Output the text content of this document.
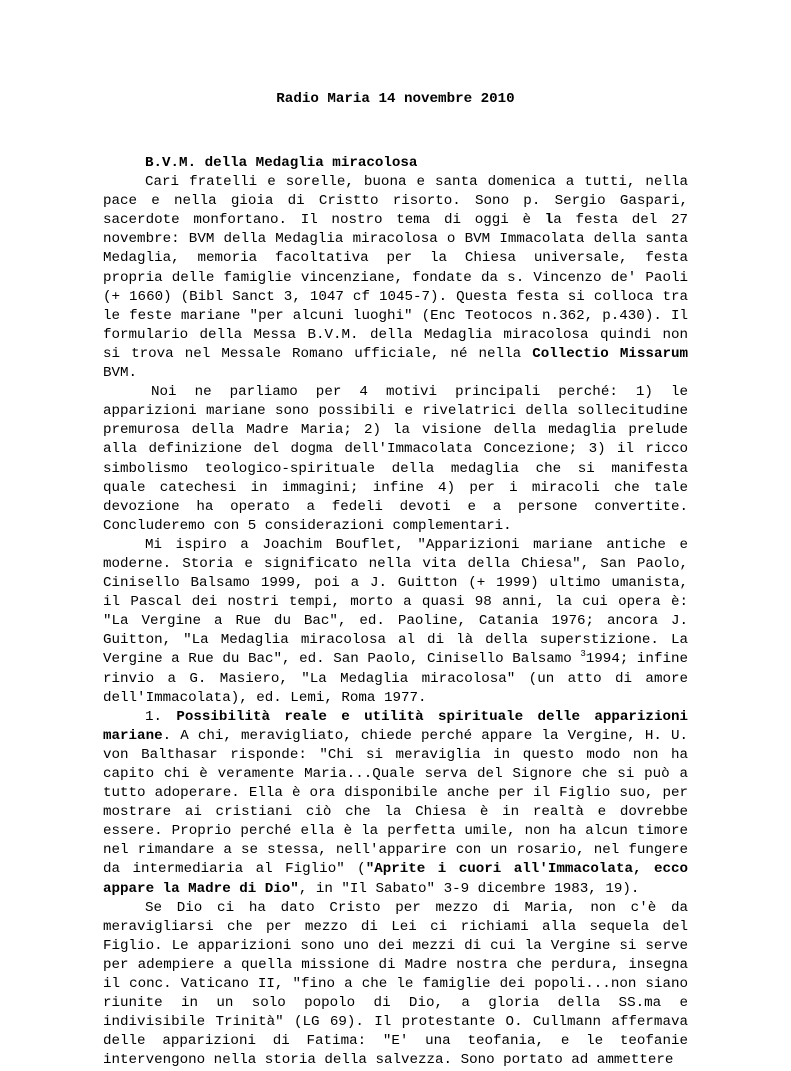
Radio Maria 14 novembre 2010

B.V.M. della Medaglia miracolosa

Cari fratelli e sorelle, buona e santa domenica a tutti, nella pace e nella gioia di Cristto risorto. Sono p. Sergio Gaspari, sacerdote monfortano. Il nostro tema di oggi è la festa del 27 novembre: BVM della Medaglia miracolosa o BVM Immacolata della santa Medaglia, memoria facoltativa per la Chiesa universale, festa propria delle famiglie vincenziane, fondate da s. Vincenzo de' Paoli (+ 1660) (Bibl Sanct 3, 1047 cf 1045-7). Questa festa si colloca tra le feste mariane "per alcuni luoghi" (Enc Teotocos n.362, p.430). Il formulario della Messa B.V.M. della Medaglia miracolosa quindi non si trova nel Messale Romano ufficiale, né nella Collectio Missarum BVM.

Noi ne parliamo per 4 motivi principali perché: 1) le apparizioni mariane sono possibili e rivelatrici della sollecitudine premurosa della Madre Maria; 2) la visione della medaglia prelude alla definizione del dogma dell'Immacolata Concezione; 3) il ricco simbolismo teologico-spirituale della medaglia che si manifesta quale catechesi in immagini; infine 4) per i miracoli che tale devozione ha operato a fedeli devoti e a persone convertite. Concluderemo con 5 considerazioni complementari.

Mi ispiro a Joachim Bouflet, "Apparizioni mariane antiche e moderne. Storia e significato nella vita della Chiesa", San Paolo, Cinisello Balsamo 1999, poi a J. Guitton (+ 1999) ultimo umanista, il Pascal dei nostri tempi, morto a quasi 98 anni, la cui opera è: "La Vergine a Rue du Bac", ed. Paoline, Catania 1976; ancora J. Guitton, "La Medaglia miracolosa al di là della superstizione. La Vergine a Rue du Bac", ed. San Paolo, Cinisello Balsamo $^3$1994; infine rinvio a G. Masiero, "La Medaglia miracolosa" (un atto di amore dell'Immacolata), ed. Lemi, Roma 1977.

1. Possibilità reale e utilità spirituale delle apparizioni mariane. A chi, meravigliato, chiede perché appare la Vergine, H. U. von Balthasar risponde: "Chi si meraviglia in questo modo non ha capito chi è veramente Maria...Quale serva del Signore che si può a tutto adoperare. Ella è ora disponibile anche per il Figlio suo, per mostrare ai cristiani ciò che la Chiesa è in realtà e dovrebbe essere. Proprio perché ella è la perfetta umile, non ha alcun timore nel rimandare a se stessa, nell'apparire con un rosario, nel fungere da intermediaria al Figlio" ("Aprite i cuori all'Immacolata, ecco appare la Madre di Dio", in "Il Sabato" 3-9 dicembre 1983, 19).

Se Dio ci ha dato Cristo per mezzo di Maria, non c'è da meravigliarsi che per mezzo di Lei ci richiami alla sequela del Figlio. Le apparizioni sono uno dei mezzi di cui la Vergine si serve per adempiere a quella missione di Madre nostra che perdura, insegna il conc. Vaticano II, "fino a che le famiglie dei popoli...non siano riunite in un solo popolo di Dio, a gloria della SS.ma e indivisibile Trinità" (LG 69). Il protestante O. Cullmann affermava delle apparizioni di Fatima: "E' una teofania, e le teofanie intervengono nella storia della salvezza. Sono portato ad ammettere
